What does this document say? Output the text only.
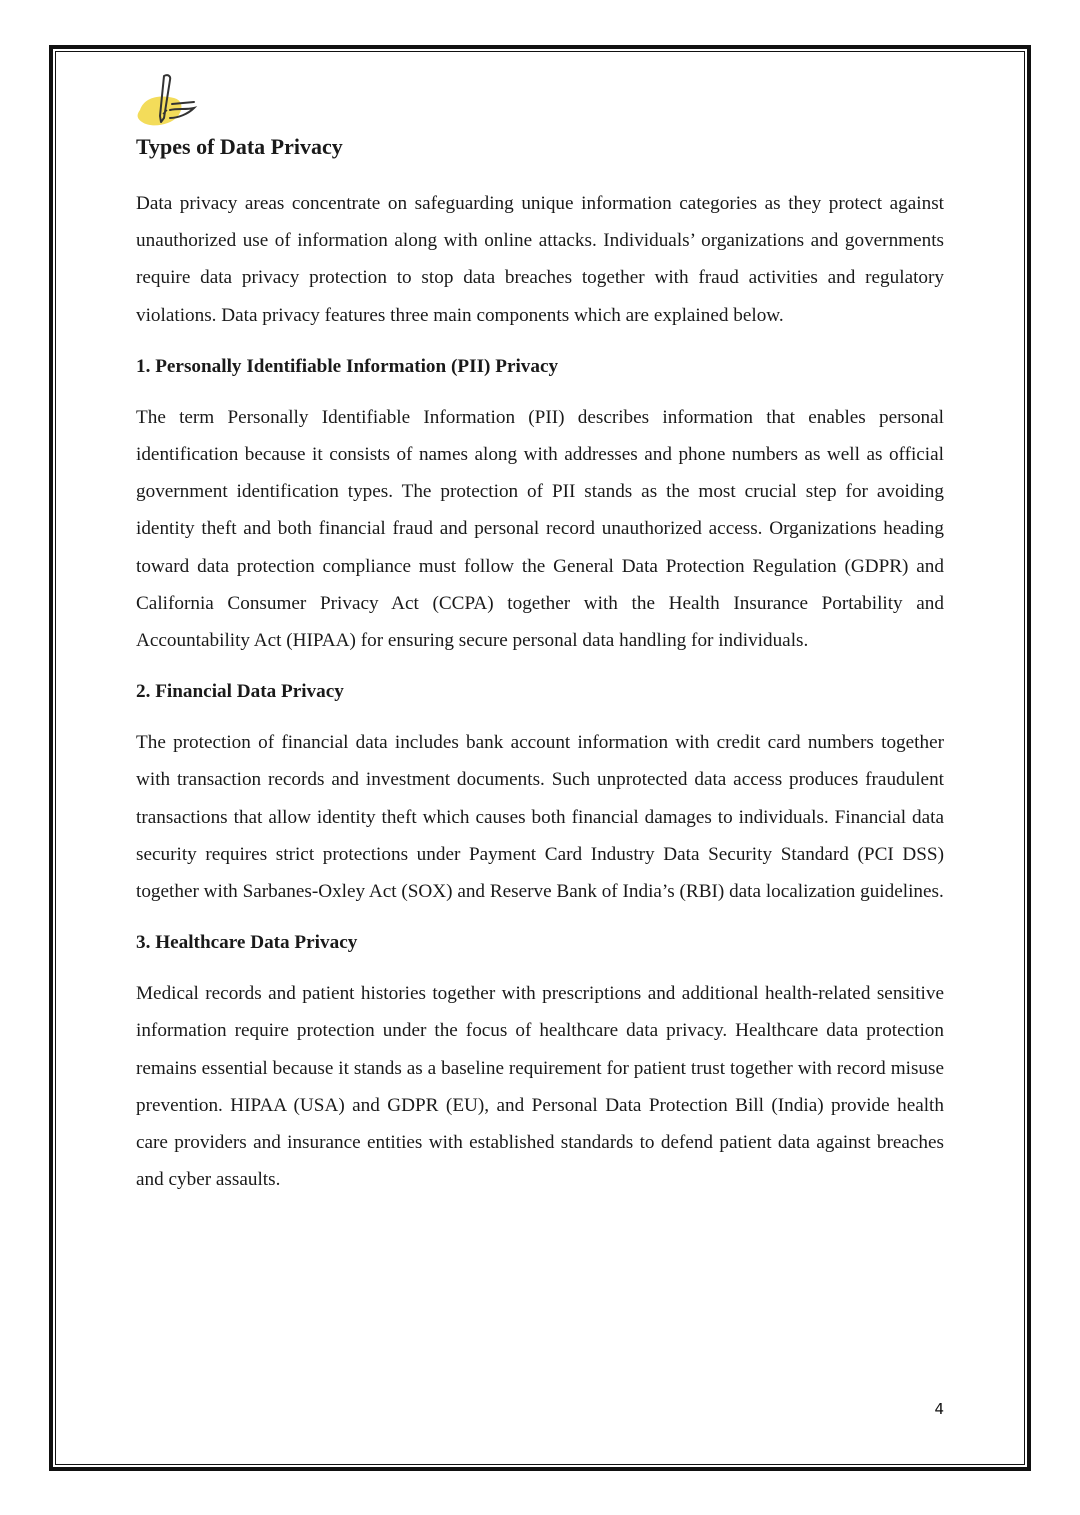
Types of Data Privacy

Data privacy areas concentrate on safeguarding unique information categories as they protect against unauthorized use of information along with online attacks. Individuals’ organizations and governments require data privacy protection to stop data breaches together with fraud activities and regulatory violations. Data privacy features three main components which are explained below.

1. Personally Identifiable Information (PII) Privacy

The term Personally Identifiable Information (PII) describes information that enables personal identification because it consists of names along with addresses and phone numbers as well as official government identification types. The protection of PII stands as the most crucial step for avoiding identity theft and both financial fraud and personal record unauthorized access. Organizations heading toward data protection compliance must follow the General Data Protection Regulation (GDPR) and California Consumer Privacy Act (CCPA) together with the Health Insurance Portability and Accountability Act (HIPAA) for ensuring secure personal data handling for individuals.

2. Financial Data Privacy

The protection of financial data includes bank account information with credit card numbers together with transaction records and investment documents. Such unprotected data access produces fraudulent transactions that allow identity theft which causes both financial damages to individuals. Financial data security requires strict protections under Payment Card Industry Data Security Standard (PCI DSS) together with Sarbanes-Oxley Act (SOX) and Reserve Bank of India’s (RBI) data localization guidelines.

3. Healthcare Data Privacy

Medical records and patient histories together with prescriptions and additional health-related sensitive information require protection under the focus of healthcare data privacy. Healthcare data protection remains essential because it stands as a baseline requirement for patient trust together with record misuse prevention. HIPAA (USA) and GDPR (EU), and Personal Data Protection Bill (India) provide health care providers and insurance entities with established standards to defend patient data against breaches and cyber assaults.

4
